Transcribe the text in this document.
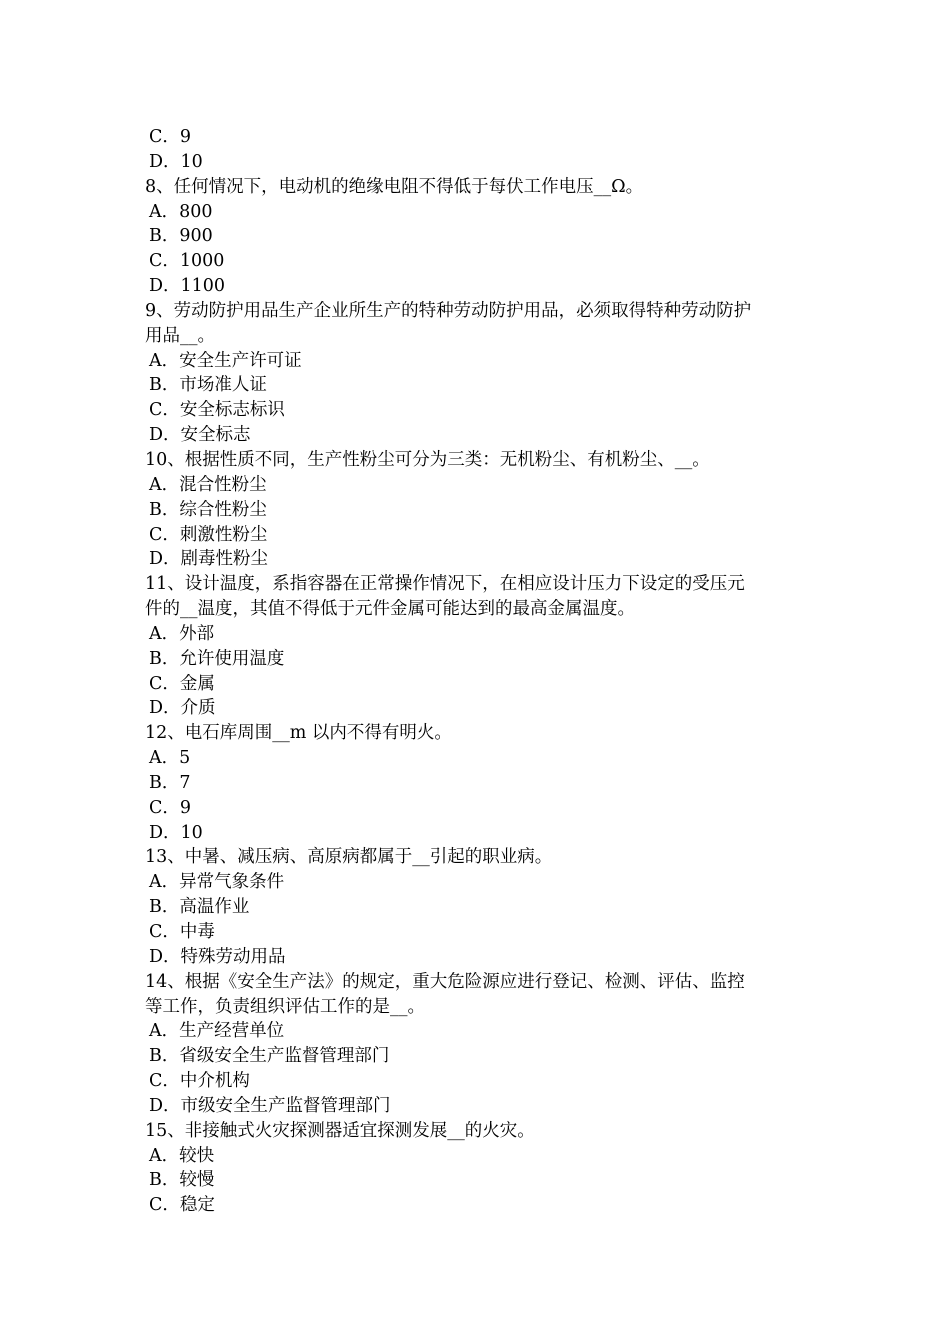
C．9

D．10

8、任何情况下，电动机的绝缘电阻不得低于每伏工作电压__Ω。

A．800

B．900

C．1000

D．1100

9、劳动防护用品生产企业所生产的特种劳动防护用品，必须取得特种劳动防护

用品__。

A．安全生产许可证

B．市场准人证

C．安全标志标识

D．安全标志

10、根据性质不同，生产性粉尘可分为三类：无机粉尘、有机粉尘、__。

A．混合性粉尘

B．综合性粉尘

C．刺激性粉尘

D．剧毒性粉尘

11、设计温度，系指容器在正常操作情况下，在相应设计压力下设定的受压元

件的__温度，其值不得低于元件金属可能达到的最高金属温度。

A．外部

B．允许使用温度

C．金属

D．介质

12、电石库周围__m 以内不得有明火。

A．5

B．7

C．9

D．10

13、中暑、减压病、高原病都属于__引起的职业病。

A．异常气象条件

B．高温作业

C．中毒

D．特殊劳动用品

14、根据《安全生产法》的规定，重大危险源应进行登记、检测、评估、监控

等工作，负责组织评估工作的是__。

A．生产经营单位

B．省级安全生产监督管理部门

C．中介机构

D．市级安全生产监督管理部门

15、非接触式火灾探测器适宜探测发展__的火灾。

A．较快

B．较慢

C．稳定
